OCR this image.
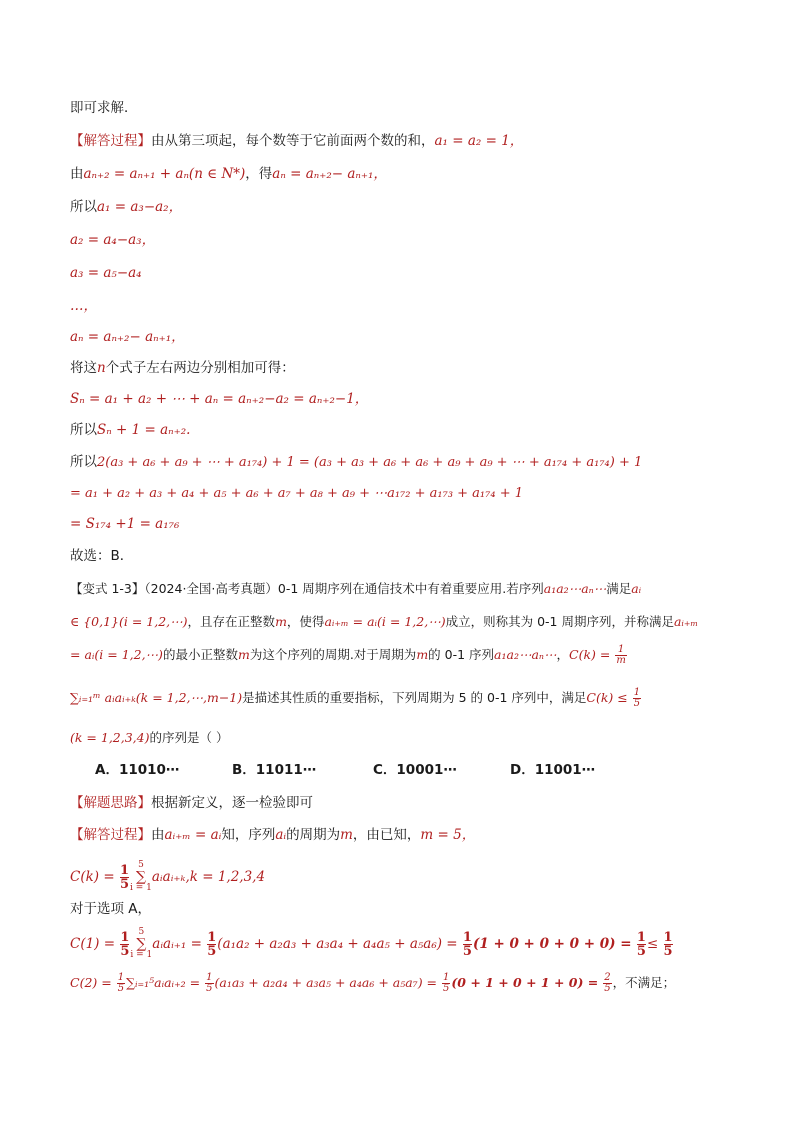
即可求解．
【解答过程】由从第三项起，每个数等于它前面两个数的和，a₁ = a₂ = 1，
由aₙ₊₂ = aₙ₊₁ + aₙ(n ∈ N*)，得aₙ = aₙ₊₂− aₙ₊₁，
所以a₁ = a₃−a₂，
a₂ = a₄−a₃，
a₃ = a₅−a₄
…，
aₙ = aₙ₊₂− aₙ₊₁，
将这n个式子左右两边分别相加可得：
Sₙ = a₁ + a₂ + ⋯ + aₙ = aₙ₊₂−a₂ = aₙ₊₂−1，
所以Sₙ + 1 = aₙ₊₂.
所以2(a₃ + a₆ + a₉ + ⋯ + a₁₇₄) + 1 = (a₃ + a₃ + a₆ + a₆ + a₉ + a₉ + ⋯ + a₁₇₄ + a₁₇₄) + 1
= a₁ + a₂ + a₃ + a₄ + a₅ + a₆ + a₇ + a₈ + a₉ + ⋯a₁₇₂ + a₁₇₃ + a₁₇₄ + 1
= S₁₇₄ +1 = a₁₇₆
故选：B．
【变式 1-3】（2024·全国·高考真题）0-1 周期序列在通信技术中有着重要应用.若序列a₁a₂⋯aₙ⋯满足aᵢ
∈ {0,1}(i = 1,2,⋯)，且存在正整数m，使得aᵢ₊ₘ = aᵢ(i = 1,2,⋯)成立，则称其为 0-1 周期序列，并称满足aᵢ₊ₘ
= aᵢ(i = 1,2,⋯)的最小正整数m为这个序列的周期.对于周期为m的 0-1 序列a₁a₂⋯aₙ⋯，$C(k) = \frac{1}{m}$
∑ᵢ₌₁ᵐ aᵢaᵢ₊ₖ(k = 1,2,⋯,m−1)是描述其性质的重要指标，下列周期为 5 的 0-1 序列中，满足$C(k) \le \frac{1}{5}$
(k = 1,2,3,4)的序列是（ ）
A．11010⋯	B．11011⋯	C．10001⋯	D．11001⋯
【解题思路】根据新定义，逐一检验即可
【解答过程】由aᵢ₊ₘ = aᵢ知，序列aᵢ的周期为m，由已知，m = 5，
$C(k) = \frac{1}{5} 5$
∑
i = 1aᵢaᵢ₊ₖ,k = 1,2,3,4
对于选项 A，
$C(1) = \frac{1}{5} 5$
∑
i = 1aᵢaᵢ₊₁ = $\frac{1}{5} (a_1a_2 + a_2a_3 + a_3a_4 + a_4a_5 + a_5a_6) = \frac{1}{5} (1 + 0 + 0 + 0 + 0) = \frac{1}{5} \le \frac{1}{5}$
$C(2) = \frac{1}{5}$ ∑ᵢ₌₁⁵aᵢaᵢ₊₂ = $\frac{1}{5} (a_1a_3 + a_2a_4 + a_3a_5 + a_4a_6 + a_5a_7) = \frac{1}{5} (0 + 1 + 0 + 1 + 0) = \frac{2}{5}$ ，不满足；
